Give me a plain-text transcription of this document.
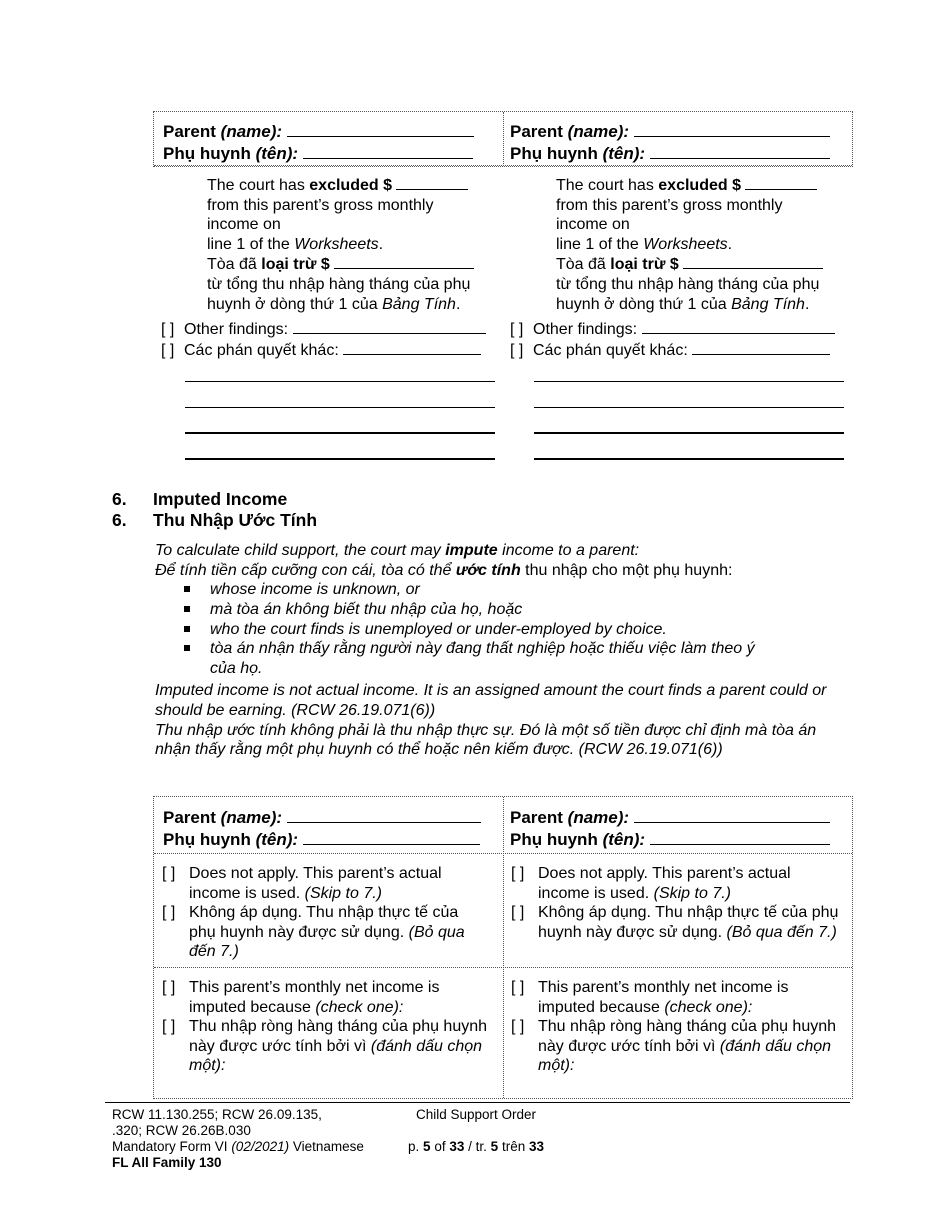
Parent (name):
Phụ huynh (tên):
Parent (name):
Phụ huynh (tên):
The court has excluded $
from this parent’s gross monthly
income on
line 1 of the Worksheets.
Tòa đã loại trừ $
từ tổng thu nhập hàng tháng của phụ
huynh ở dòng thứ 1 của Bảng Tính.
[ ] Other findings:
[ ] Các phán quyết khác:
The court has excluded $
from this parent’s gross monthly
income on
line 1 of the Worksheets.
Tòa đã loại trừ $
từ tổng thu nhập hàng tháng của phụ
huynh ở dòng thứ 1 của Bảng Tính.
[ ] Other findings:
[ ] Các phán quyết khác:
6. Imputed Income
6. Thu Nhập Ước Tính
To calculate child support, the court may impute income to a parent:
Để tính tiền cấp cưỡng con cái, tòa có thể ước tính thu nhập cho một phụ huynh:
whose income is unknown, or
mà tòa án không biết thu nhập của họ, hoặc
who the court finds is unemployed or under-employed by choice.
tòa án nhận thấy rằng người này đang thất nghiệp hoặc thiếu việc làm theo ý của họ.
Imputed income is not actual income. It is an assigned amount the court finds a parent could or should be earning. (RCW 26.19.071(6))
Thu nhập ước tính không phải là thu nhập thực sự. Đó là một số tiền được chỉ định mà tòa án nhận thấy rằng một phụ huynh có thể hoặc nên kiếm được. (RCW 26.19.071(6))
Parent (name):
Phụ huynh (tên):
Parent (name):
Phụ huynh (tên):
[ ] Does not apply. This parent’s actual income is used. (Skip to 7.)
[ ] Không áp dụng. Thu nhập thực tế của phụ huynh này được sử dụng. (Bỏ qua đến 7.)
[ ] Does not apply. This parent’s actual income is used. (Skip to 7.)
[ ] Không áp dụng. Thu nhập thực tế của phụ huynh này được sử dụng. (Bỏ qua đến 7.)
[ ] This parent’s monthly net income is imputed because (check one):
[ ] Thu nhập ròng hàng tháng của phụ huynh này được ước tính bởi vì (đánh dấu chọn một):
[ ] This parent’s monthly net income is imputed because (check one):
[ ] Thu nhập ròng hàng tháng của phụ huynh này được ước tính bởi vì (đánh dấu chọn một):
RCW 11.130.255; RCW 26.09.135,
.320; RCW 26.26B.030
Mandatory Form VI (02/2021) Vietnamese
FL All Family 130
Child Support Order
p. 5 of 33 / tr. 5 trên 33
